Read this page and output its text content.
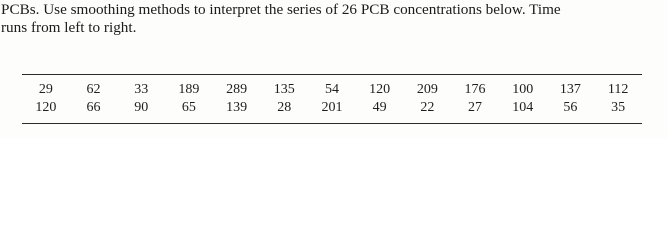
PCBs. Use smoothing methods to interpret the series of 26 PCB concentrations below. Time
runs from left to right.
29	62	33	189	289	135	54	120	209	176	100	137	112
120	66	90	65	139	28	201	49	22	27	104	56	35
